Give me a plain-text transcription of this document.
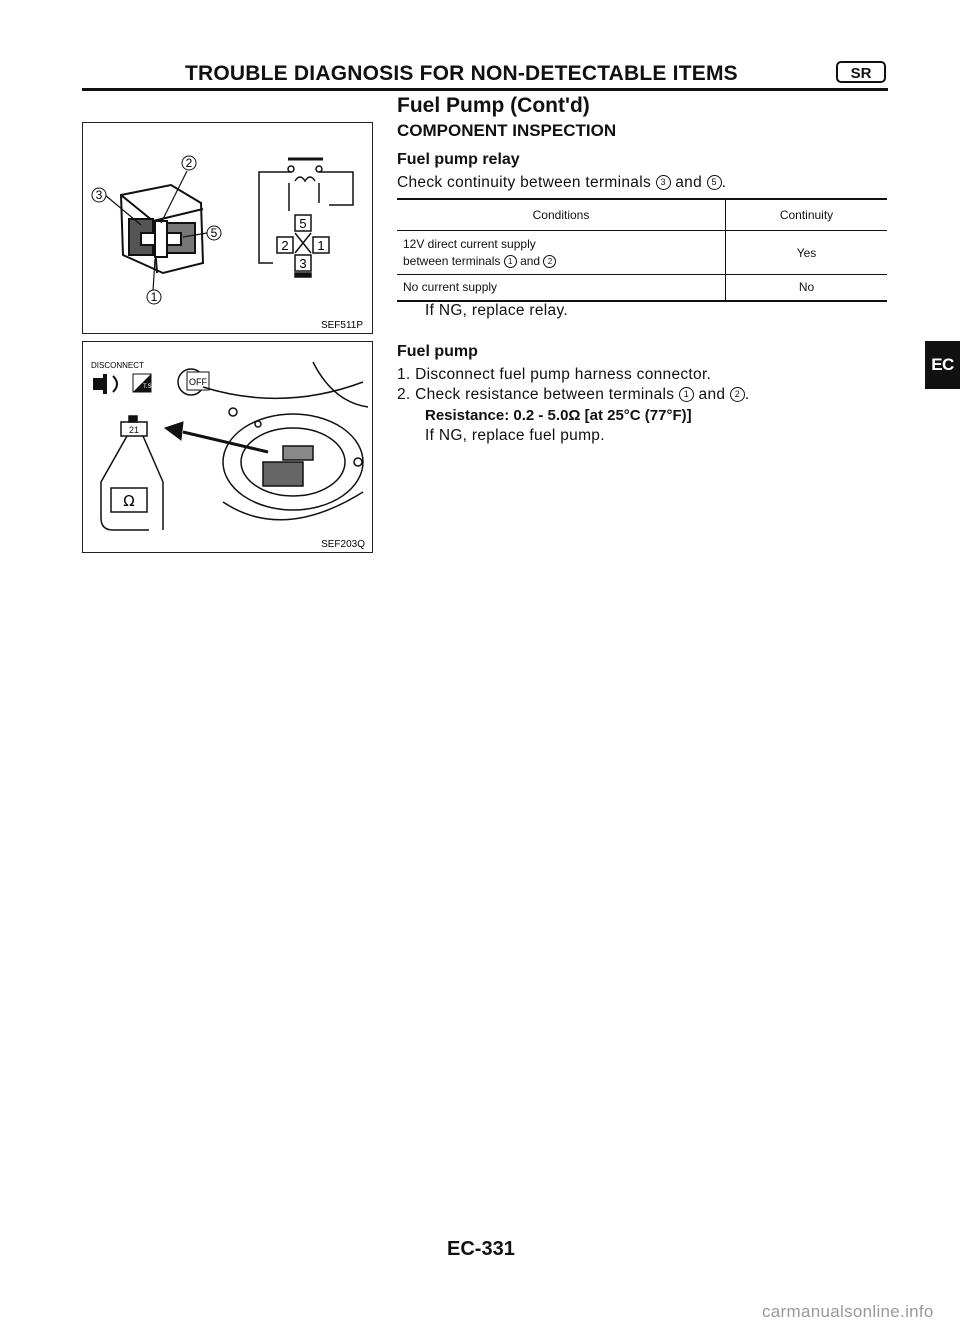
TROUBLE DIAGNOSIS FOR NON-DETECTABLE ITEMS	SR
Fuel Pump (Cont'd)
COMPONENT INSPECTION
2
3
5
1
5
2 1
3
SEF511P
DISCONNECT
T.S.	OFF
21
Ω
SEF203Q
Fuel pump relay
Check continuity between terminals 3 and 5 .
Conditions	Continuity

12V direct current supply
between terminals 1 and 2	Yes
No current supply	No
If NG, replace relay.
Fuel pump
1. Disconnect fuel pump harness connector.
2. Check resistance between terminals 1 and 2 .
Resistance: 0.2 - 5.0Ω [at 25°C (77°F)]
If NG, replace fuel pump.
EC
EC-331
carmanualsonline.info
